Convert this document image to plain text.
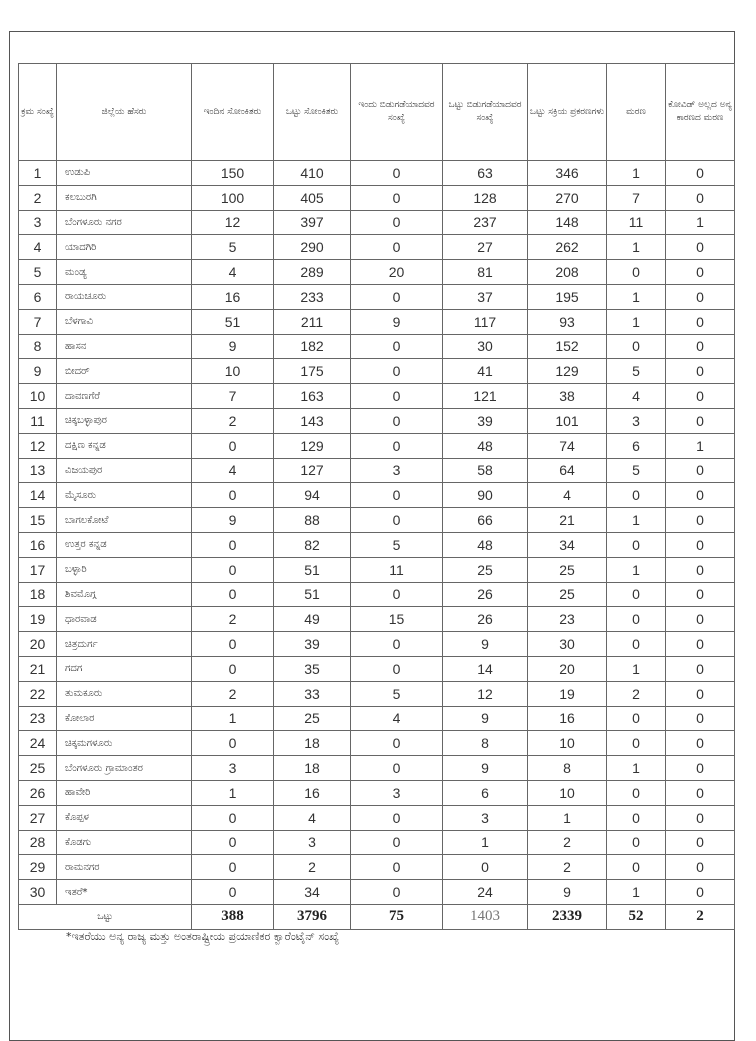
ಕ್ರಮ ಸಂಖ್ಯೆ	ಜಿಲ್ಲೆಯ ಹೆಸರು	ಇಂದಿನ ಸೋಂಕಿತರು	ಒಟ್ಟು ಸೋಂಕಿತರು	ಇಂದು ಬಿಡುಗಡೆಯಾದವರ ಸಂಖ್ಯೆ	ಒಟ್ಟು ಬಿಡುಗಡೆಯಾದವರ ಸಂಖ್ಯೆ	ಒಟ್ಟು ಸಕ್ರಿಯ ಪ್ರಕರಣಗಳು	ಮರಣ	ಕೋವಿಡ್ ಅಲ್ಲದ ಅನ್ಯ ಕಾರಣದ ಮರಣ
1	ಉಡುಪಿ	150	410	0	63	346	1	0
2	ಕಲಬುರಗಿ	100	405	0	128	270	7	0
3	ಬೆಂಗಳೂರು ನಗರ	12	397	0	237	148	11	1
4	ಯಾದಗಿರಿ	5	290	0	27	262	1	0
5	ಮಂಡ್ಯ	4	289	20	81	208	0	0
6	ರಾಯಚೂರು	16	233	0	37	195	1	0
7	ಬೆಳಗಾವಿ	51	211	9	117	93	1	0
8	ಹಾಸನ	9	182	0	30	152	0	0
9	ಬೀದರ್	10	175	0	41	129	5	0
10	ದಾವಣಗೆರೆ	7	163	0	121	38	4	0
11	ಚಿಕ್ಕಬಳ್ಳಾಪುರ	2	143	0	39	101	3	0
12	ದಕ್ಷಿಣ ಕನ್ನಡ	0	129	0	48	74	6	1
13	ವಿಜಯಪುರ	4	127	3	58	64	5	0
14	ಮೈಸೂರು	0	94	0	90	4	0	0
15	ಬಾಗಲಕೋಟೆ	9	88	0	66	21	1	0
16	ಉತ್ತರ ಕನ್ನಡ	0	82	5	48	34	0	0
17	ಬಳ್ಳಾರಿ	0	51	11	25	25	1	0
18	ಶಿವಮೊಗ್ಗ	0	51	0	26	25	0	0
19	ಧಾರವಾಡ	2	49	15	26	23	0	0
20	ಚಿತ್ರದುರ್ಗ	0	39	0	9	30	0	0
21	ಗದಗ	0	35	0	14	20	1	0
22	ತುಮಕೂರು	2	33	5	12	19	2	0
23	ಕೋಲಾರ	1	25	4	9	16	0	0
24	ಚಿಕ್ಕಮಗಳೂರು	0	18	0	8	10	0	0
25	ಬೆಂಗಳೂರು ಗ್ರಾಮಾಂತರ	3	18	0	9	8	1	0
26	ಹಾವೇರಿ	1	16	3	6	10	0	0
27	ಕೊಪ್ಪಳ	0	4	0	3	1	0	0
28	ಕೊಡಗು	0	3	0	1	2	0	0
29	ರಾಮನಗರ	0	2	0	0	2	0	0
30	ಇತರೆ*	0	34	0	24	9	1	0
ಒಟ್ಟು		388	3796	75	1403	2339	52	2
*ಇತರೆಯು ಅನ್ಯ ರಾಜ್ಯ ಮತ್ತು ಅಂತರಾಷ್ಟ್ರೀಯ ಪ್ರಯಾಣಿಕರ ಕ್ವಾರೆಂಟೈನ್ ಸಂಖ್ಯೆ
